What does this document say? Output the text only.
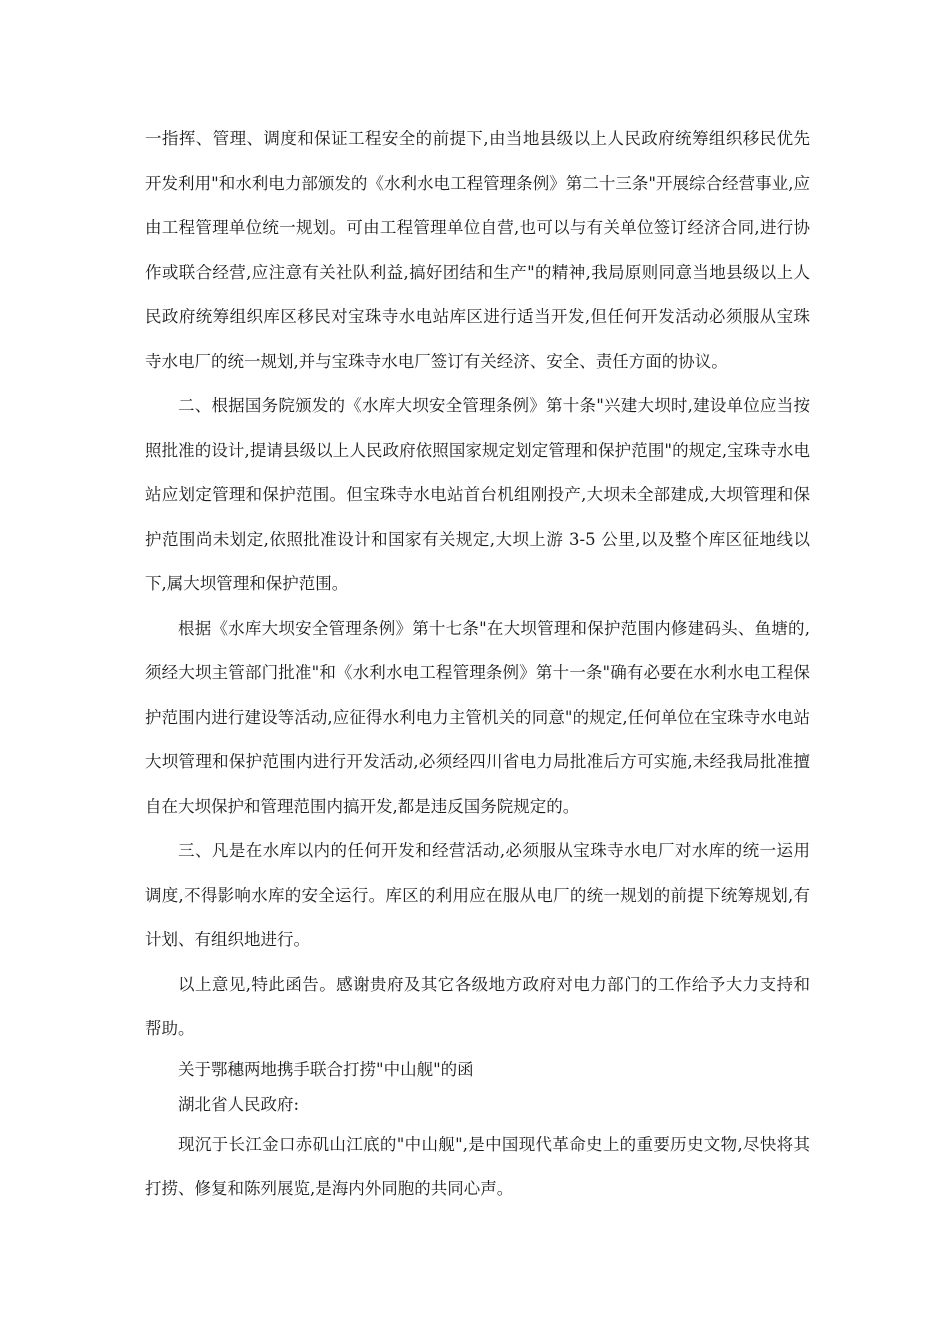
一指挥、管理、调度和保证工程安全的前提下,由当地县级以上人民政府统筹组织移民优先开发利用"和水利电力部颁发的《水利水电工程管理条例》第二十三条"开展综合经营事业,应由工程管理单位统一规划。可由工程管理单位自营,也可以与有关单位签订经济合同,进行协作或联合经营,应注意有关社队利益,搞好团结和生产"的精神,我局原则同意当地县级以上人民政府统筹组织库区移民对宝珠寺水电站库区进行适当开发,但任何开发活动必须服从宝珠寺水电厂的统一规划,并与宝珠寺水电厂签订有关经济、安全、责任方面的协议。

二、根据国务院颁发的《水库大坝安全管理条例》第十条"兴建大坝时,建设单位应当按照批准的设计,提请县级以上人民政府依照国家规定划定管理和保护范围"的规定,宝珠寺水电站应划定管理和保护范围。但宝珠寺水电站首台机组刚投产,大坝未全部建成,大坝管理和保护范围尚未划定,依照批准设计和国家有关规定,大坝上游 3-5 公里,以及整个库区征地线以下,属大坝管理和保护范围。

根据《水库大坝安全管理条例》第十七条"在大坝管理和保护范围内修建码头、鱼塘的,须经大坝主管部门批准"和《水利水电工程管理条例》第十一条"确有必要在水利水电工程保护范围内进行建设等活动,应征得水利电力主管机关的同意"的规定,任何单位在宝珠寺水电站大坝管理和保护范围内进行开发活动,必须经四川省电力局批准后方可实施,未经我局批准擅自在大坝保护和管理范围内搞开发,都是违反国务院规定的。

三、凡是在水库以内的任何开发和经营活动,必须服从宝珠寺水电厂对水库的统一运用调度,不得影响水库的安全运行。库区的利用应在服从电厂的统一规划的前提下统筹规划,有计划、有组织地进行。

以上意见,特此函告。感谢贵府及其它各级地方政府对电力部门的工作给予大力支持和帮助。

关于鄂穗两地携手联合打捞"中山舰"的函

湖北省人民政府:

现沉于长江金口赤矶山江底的"中山舰",是中国现代革命史上的重要历史文物,尽快将其打捞、修复和陈列展览,是海内外同胞的共同心声。
